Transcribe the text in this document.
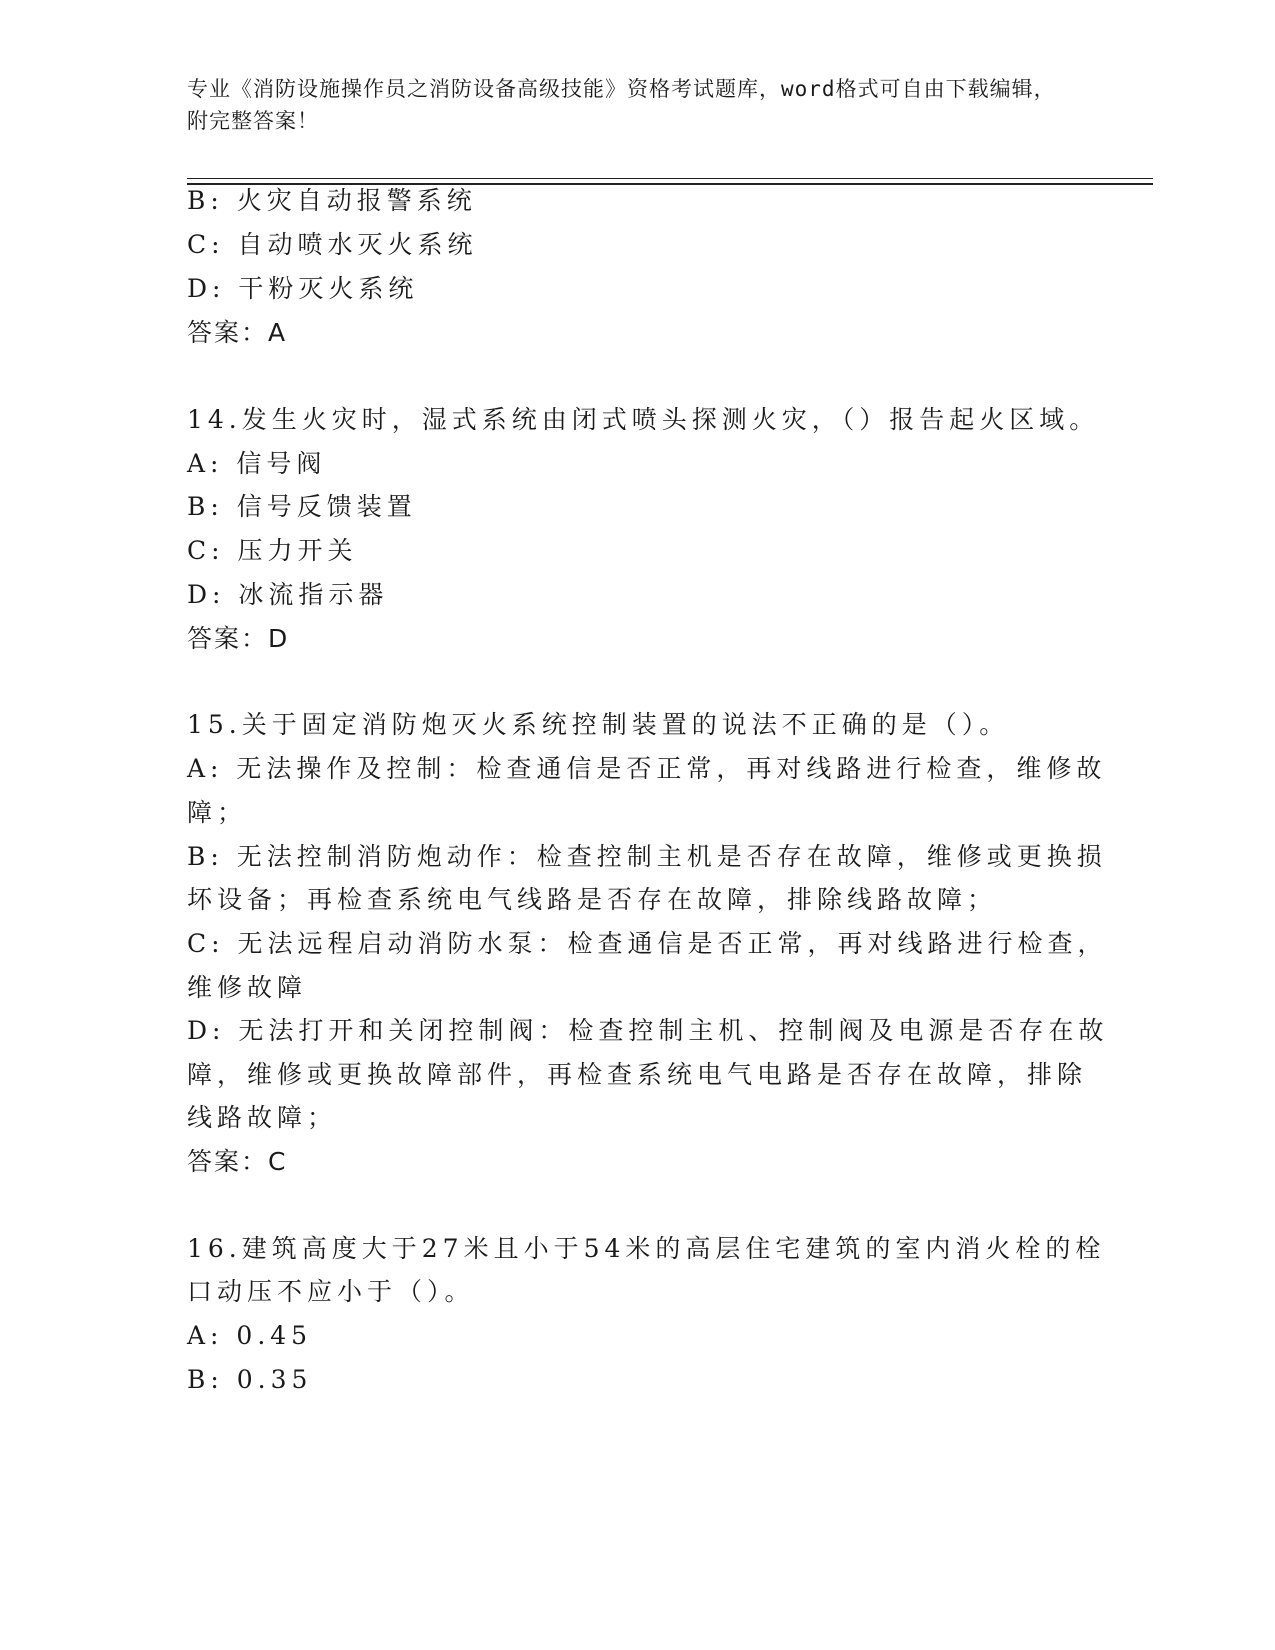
专业《消防设施操作员之消防设备高级技能》资格考试题库，word格式可自由下载编辑，附完整答案！
B: 火灾自动报警系统
C: 自动喷水灭火系统
D: 干粉灭火系统
答案：A
14.发生火灾时，湿式系统由闭式喷头探测火灾，（）报告起火区域。
A: 信号阀
B: 信号反馈装置
C: 压力开关
D: 冰流指示器
答案：D
15.关于固定消防炮灭火系统控制装置的说法不正确的是（）。
A: 无法操作及控制：检查通信是否正常，再对线路进行检查，维修故
障；
B: 无法控制消防炮动作：检查控制主机是否存在故障，维修或更换损
坏设备；再检查系统电气线路是否存在故障，排除线路故障；
C: 无法远程启动消防水泵：检查通信是否正常，再对线路进行检查，
维修故障
D: 无法打开和关闭控制阀：检查控制主机、控制阀及电源是否存在故
障，维修或更换故障部件，再检查系统电气电路是否存在故障，排除
线路故障；
答案：C
16.建筑高度大于27米且小于54米的高层住宅建筑的室内消火栓的栓
口动压不应小于（）。
A: 0.45
B: 0.35
